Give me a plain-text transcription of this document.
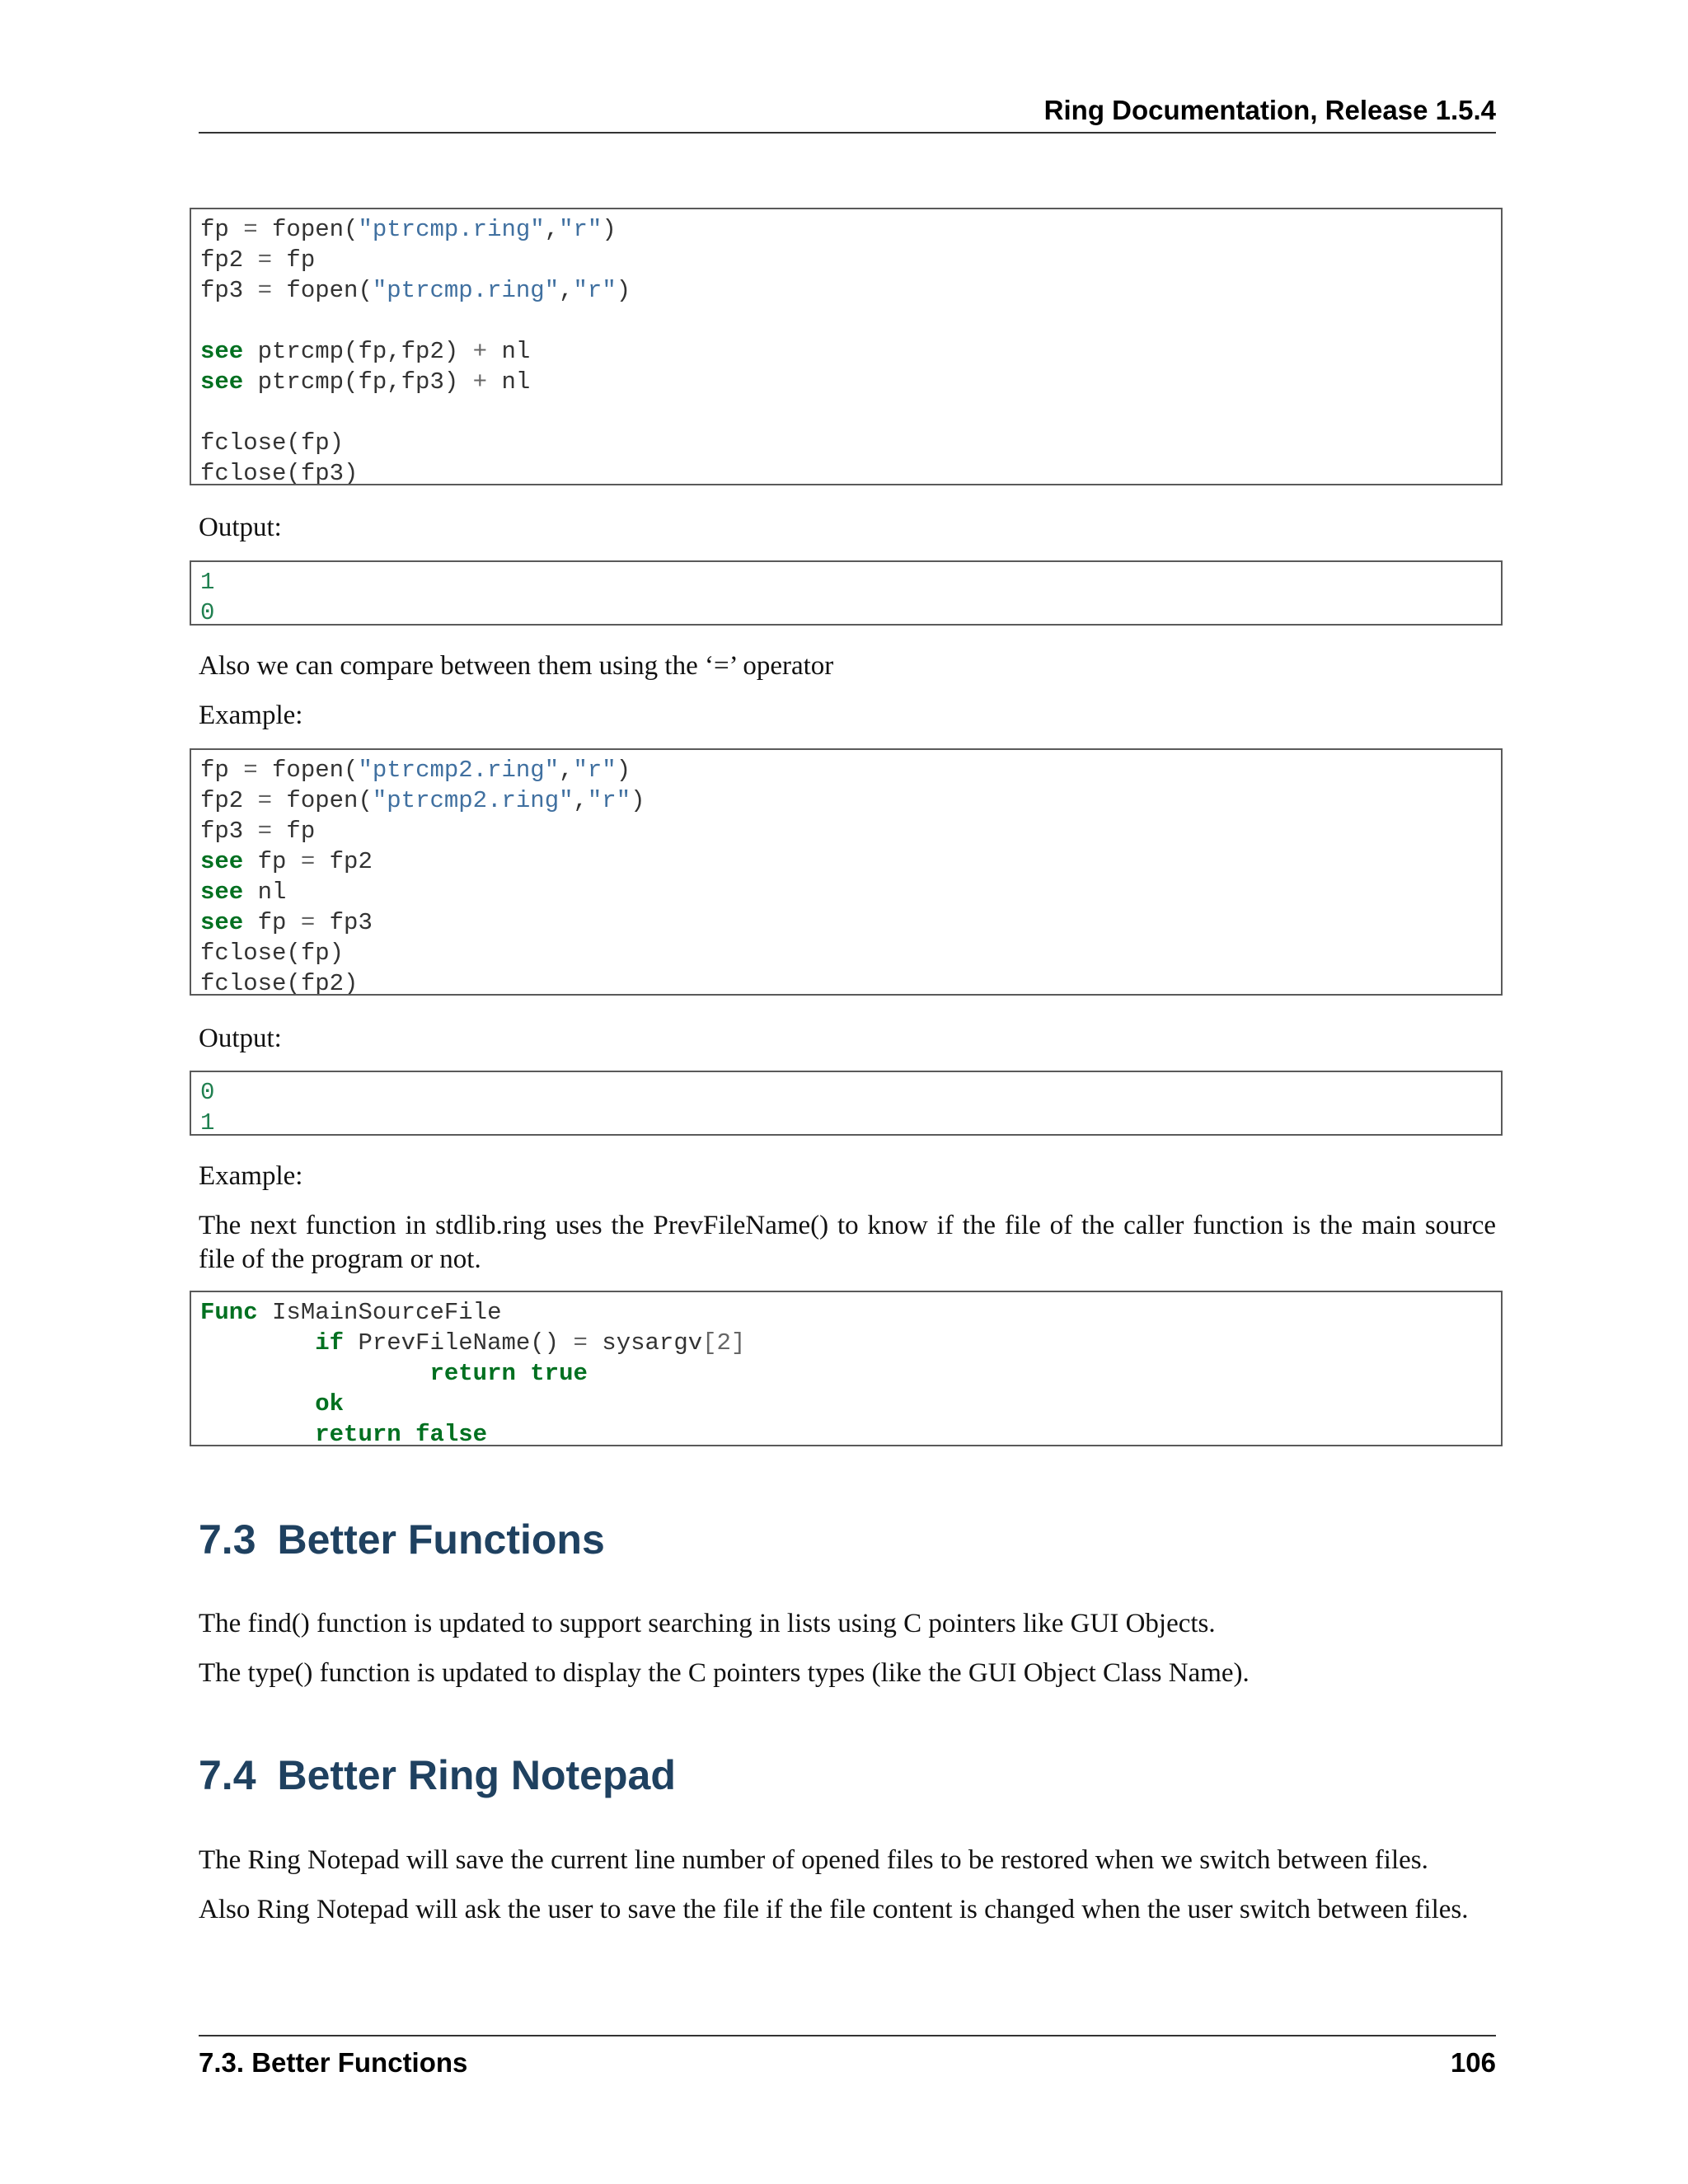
Ring Documentation, Release 1.5.4
fp = fopen("ptrcmp.ring","r")
fp2 = fp
fp3 = fopen("ptrcmp.ring","r")

see ptrcmp(fp,fp2) + nl
see ptrcmp(fp,fp3) + nl

fclose(fp)
fclose(fp3)

Output:

1
0

Also we can compare between them using the ‘=’ operator

Example:

fp = fopen("ptrcmp2.ring","r")
fp2 = fopen("ptrcmp2.ring","r")
fp3 = fp
see fp = fp2
see nl
see fp = fp3
fclose(fp)
fclose(fp2)

Output:

0
1

Example:

The next function in stdlib.ring uses the PrevFileName() to know if the file of the caller function is the main source file of the program or not.

Func IsMainSourceFile
if PrevFileName() = sysargv[2]
return true
ok
return false
7.3 Better Functions

The find() function is updated to support searching in lists using C pointers like GUI Objects.

The type() function is updated to display the C pointers types (like the GUI Object Class Name).

7.4 Better Ring Notepad

The Ring Notepad will save the current line number of opened files to be restored when we switch between files.

Also Ring Notepad will ask the user to save the file if the file content is changed when the user switch between files.

7.3. Better Functions	106
